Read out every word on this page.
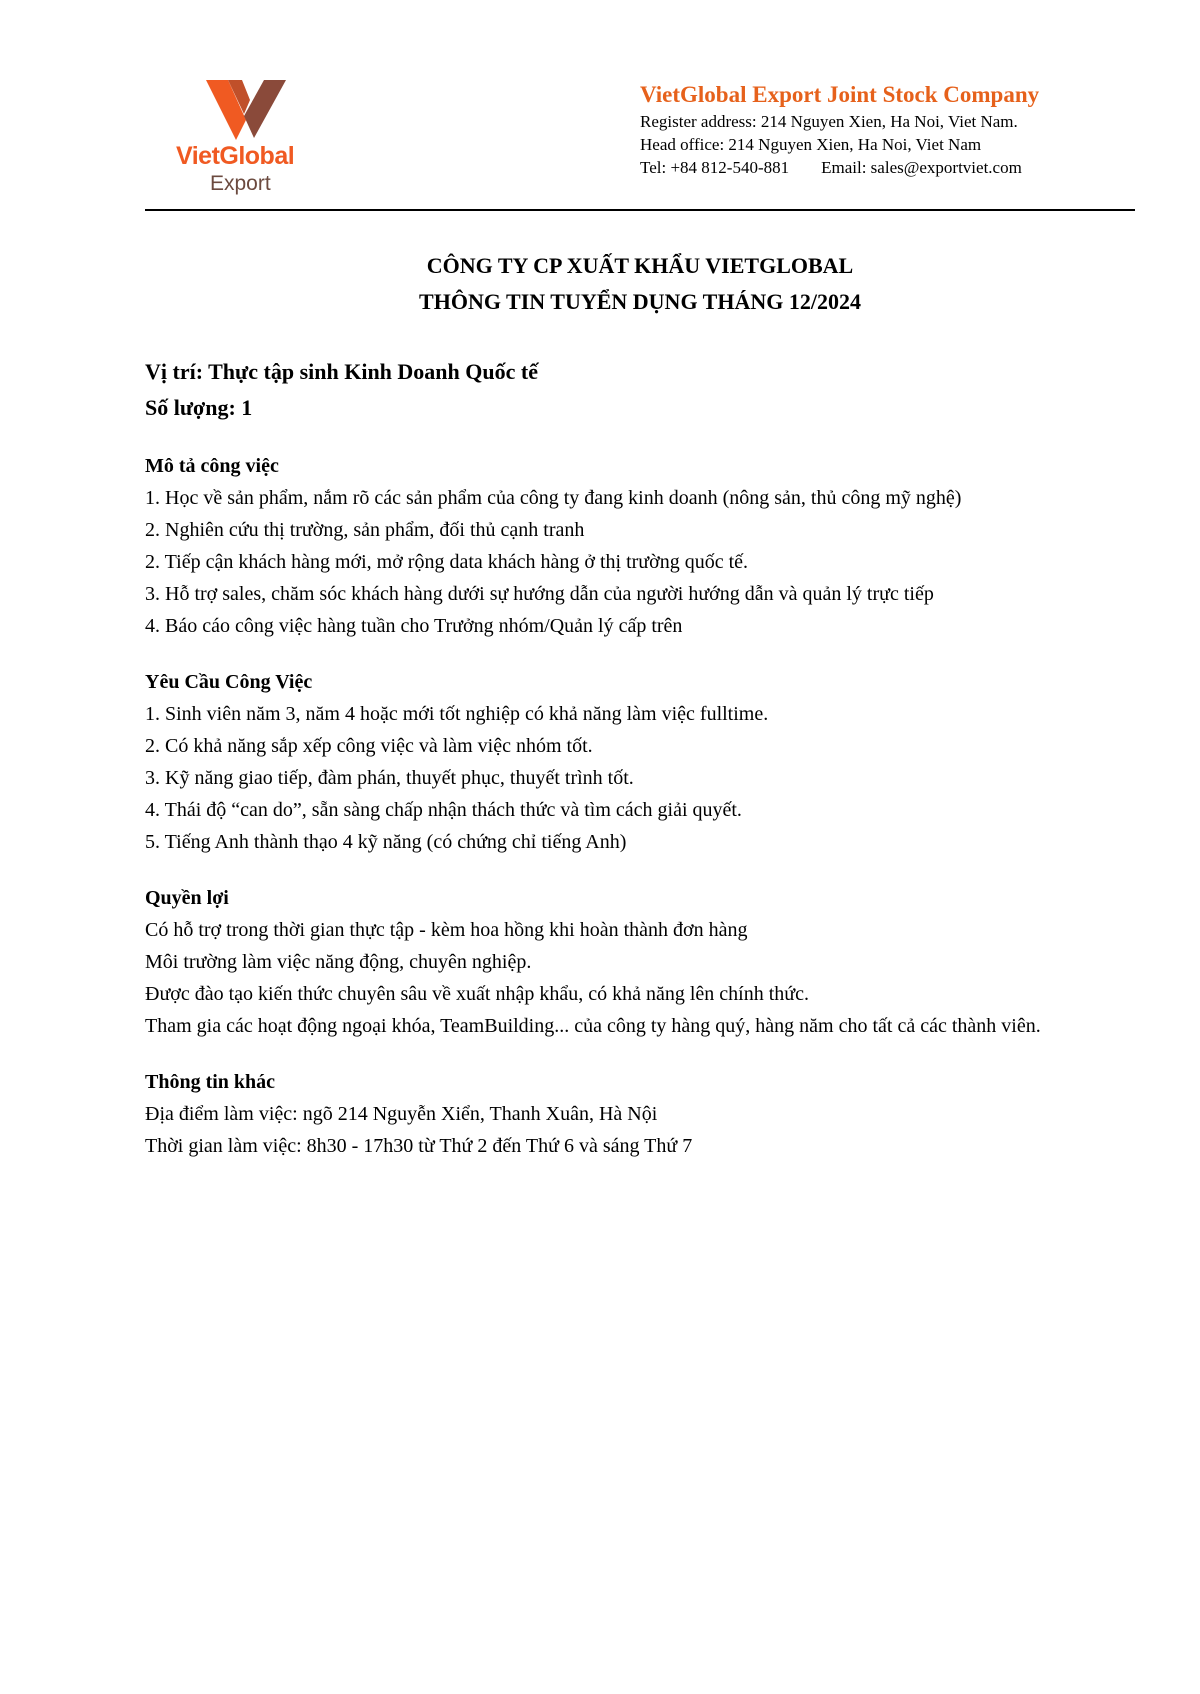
VietGlobal
Export
VietGlobal Export Joint Stock Company
Register address: 214 Nguyen Xien, Ha Noi, Viet Nam.
Head office: 214 Nguyen Xien, Ha Noi, Viet Nam
Tel: +84 812-540-881 Email: sales@exportviet.com
CÔNG TY CP XUẤT KHẨU VIETGLOBAL
THÔNG TIN TUYỂN DỤNG THÁNG 12/2024
Vị trí: Thực tập sinh Kinh Doanh Quốc tế
Số lượng: 1
Mô tả công việc

1. Học về sản phẩm, nắm rõ các sản phẩm của công ty đang kinh doanh (nông sản, thủ công mỹ nghệ)

2. Nghiên cứu thị trường, sản phẩm, đối thủ cạnh tranh

2. Tiếp cận khách hàng mới, mở rộng data khách hàng ở thị trường quốc tế.

3. Hỗ trợ sales, chăm sóc khách hàng dưới sự hướng dẫn của người hướng dẫn và quản lý trực tiếp

4. Báo cáo công việc hàng tuần cho Trưởng nhóm/Quản lý cấp trên

Yêu Cầu Công Việc

1. Sinh viên năm 3, năm 4 hoặc mới tốt nghiệp có khả năng làm việc fulltime.

2. Có khả năng sắp xếp công việc và làm việc nhóm tốt.

3. Kỹ năng giao tiếp, đàm phán, thuyết phục, thuyết trình tốt.

4. Thái độ “can do”, sẵn sàng chấp nhận thách thức và tìm cách giải quyết.

5. Tiếng Anh thành thạo 4 kỹ năng (có chứng chỉ tiếng Anh)

Quyền lợi

Có hỗ trợ trong thời gian thực tập - kèm hoa hồng khi hoàn thành đơn hàng

Môi trường làm việc năng động, chuyên nghiệp.

Được đào tạo kiến thức chuyên sâu về xuất nhập khẩu, có khả năng lên chính thức.

Tham gia các hoạt động ngoại khóa, TeamBuilding... của công ty hàng quý, hàng năm cho tất cả các thành viên.

Thông tin khác

Địa điểm làm việc: ngõ 214 Nguyễn Xiển, Thanh Xuân, Hà Nội

Thời gian làm việc: 8h30 - 17h30 từ Thứ 2 đến Thứ 6 và sáng Thứ 7
